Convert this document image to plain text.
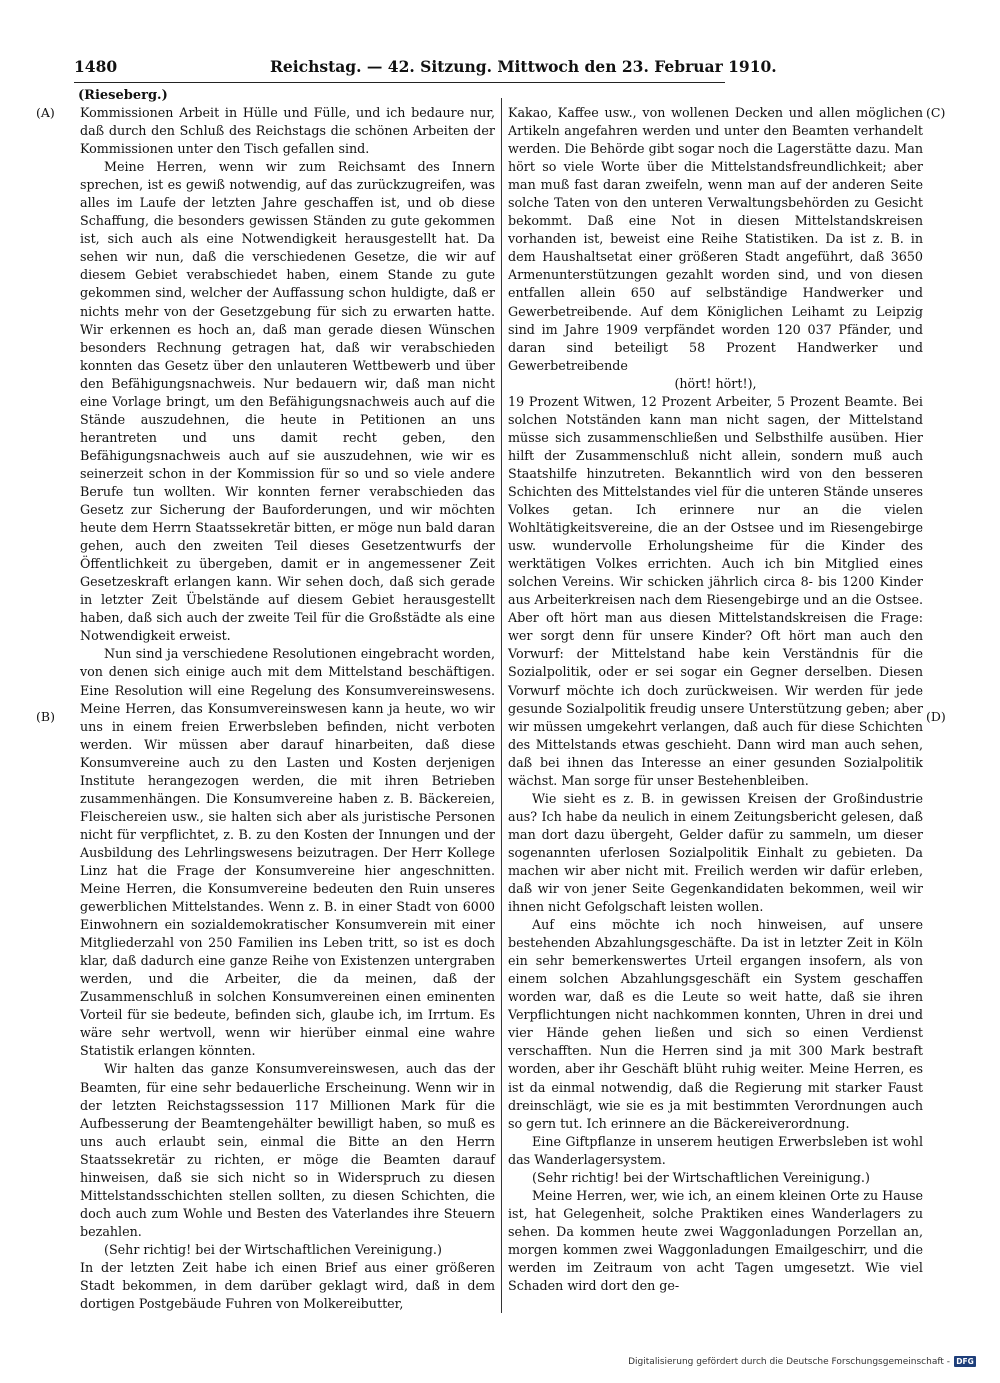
1480	Reichstag. — 42. Sitzung. Mittwoch den 23. Februar 1910.
(Rieseberg.)
(A)
(B)
(C)
(D)

Kommissionen Arbeit in Hülle und Fülle, und ich bedaure nur, daß durch den Schluß des Reichstags die schönen Arbeiten der Kommissionen unter den Tisch gefallen sind.

Meine Herren, wenn wir zum Reichsamt des Innern sprechen, ist es gewiß notwendig, auf das zurückzugreifen, was alles im Laufe der letzten Jahre geschaffen ist, und ob diese Schaffung, die besonders gewissen Ständen zu gute gekommen ist, sich auch als eine Notwendigkeit herausgestellt hat. Da sehen wir nun, daß die verschiedenen Gesetze, die wir auf diesem Gebiet verabschiedet haben, einem Stande zu gute gekommen sind, welcher der Auffassung schon huldigte, daß er nichts mehr von der Gesetzgebung für sich zu erwarten hatte. Wir erkennen es hoch an, daß man gerade diesen Wünschen besonders Rechnung getragen hat, daß wir verabschieden konnten das Gesetz über den unlauteren Wettbewerb und über den Befähigungsnachweis. Nur bedauern wir, daß man nicht eine Vorlage bringt, um den Befähigungsnachweis auch auf die Stände auszudehnen, die heute in Petitionen an uns herantreten und uns damit recht geben, den Befähigungsnachweis auch auf sie auszudehnen, wie wir es seinerzeit schon in der Kommission für so und so viele andere Berufe tun wollten. Wir konnten ferner verabschieden das Gesetz zur Sicherung der Bauforderungen, und wir möchten heute dem Herrn Staatssekretär bitten, er möge nun bald daran gehen, auch den zweiten Teil dieses Gesetzentwurfs der Öffentlichkeit zu übergeben, damit er in angemessener Zeit Gesetzeskraft erlangen kann. Wir sehen doch, daß sich gerade in letzter Zeit Übelstände auf diesem Gebiet herausgestellt haben, daß sich auch der zweite Teil für die Großstädte als eine Notwendigkeit erweist.

Nun sind ja verschiedene Resolutionen eingebracht worden, von denen sich einige auch mit dem Mittelstand beschäftigen. Eine Resolution will eine Regelung des Konsumvereinswesens. Meine Herren, das Konsumvereinswesen kann ja heute, wo wir uns in einem freien Erwerbsleben befinden, nicht verboten werden. Wir müssen aber darauf hinarbeiten, daß diese Konsumvereine auch zu den Lasten und Kosten derjenigen Institute herangezogen werden, die mit ihren Betrieben zusammenhängen. Die Konsumvereine haben z. B. Bäckereien, Fleischereien usw., sie halten sich aber als juristische Personen nicht für verpflichtet, z. B. zu den Kosten der Innungen und der Ausbildung des Lehrlingswesens beizutragen. Der Herr Kollege Linz hat die Frage der Konsumvereine hier angeschnitten. Meine Herren, die Konsumvereine bedeuten den Ruin unseres gewerblichen Mittelstandes. Wenn z. B. in einer Stadt von 6000 Einwohnern ein sozialdemokratischer Konsumverein mit einer Mitgliederzahl von 250 Familien ins Leben tritt, so ist es doch klar, daß dadurch eine ganze Reihe von Existenzen untergraben werden, und die Arbeiter, die da meinen, daß der Zusammenschluß in solchen Konsumvereinen einen eminenten Vorteil für sie bedeute, befinden sich, glaube ich, im Irrtum. Es wäre sehr wertvoll, wenn wir hierüber einmal eine wahre Statistik erlangen könnten.

Wir halten das ganze Konsumvereinswesen, auch das der Beamten, für eine sehr bedauerliche Erscheinung. Wenn wir in der letzten Reichstagssession 117 Millionen Mark für die Aufbesserung der Beamtengehälter bewilligt haben, so muß es uns auch erlaubt sein, einmal die Bitte an den Herrn Staatssekretär zu richten, er möge die Beamten darauf hinweisen, daß sie sich nicht so in Widerspruch zu diesen Mittelstandsschichten stellen sollten, zu diesen Schichten, die doch auch zum Wohle und Besten des Vaterlandes ihre Steuern bezahlen.

(Sehr richtig! bei der Wirtschaftlichen Vereinigung.)

In der letzten Zeit habe ich einen Brief aus einer größeren Stadt bekommen, in dem darüber geklagt wird, daß in dem dortigen Postgebäude Fuhren von Molkereibutter,

Kakao, Kaffee usw., von wollenen Decken und allen möglichen Artikeln angefahren werden und unter den Beamten verhandelt werden. Die Behörde gibt sogar noch die Lagerstätte dazu. Man hört so viele Worte über die Mittelstandsfreundlichkeit; aber man muß fast daran zweifeln, wenn man auf der anderen Seite solche Taten von den unteren Verwaltungsbehörden zu Gesicht bekommt. Daß eine Not in diesen Mittelstandskreisen vorhanden ist, beweist eine Reihe Statistiken. Da ist z. B. in dem Haushaltsetat einer größeren Stadt angeführt, daß 3650 Armenunterstützungen gezahlt worden sind, und von diesen entfallen allein 650 auf selbständige Handwerker und Gewerbetreibende. Auf dem Königlichen Leihamt zu Leipzig sind im Jahre 1909 verpfändet worden 120 037 Pfänder, und daran sind beteiligt 58 Prozent Handwerker und Gewerbetreibende

(hört! hört!),

19 Prozent Witwen, 12 Prozent Arbeiter, 5 Prozent Beamte. Bei solchen Notständen kann man nicht sagen, der Mittelstand müsse sich zusammenschließen und Selbsthilfe ausüben. Hier hilft der Zusammenschluß nicht allein, sondern muß auch Staatshilfe hinzutreten. Bekanntlich wird von den besseren Schichten des Mittelstandes viel für die unteren Stände unseres Volkes getan. Ich erinnere nur an die vielen Wohltätigkeitsvereine, die an der Ostsee und im Riesengebirge usw. wundervolle Erholungsheime für die Kinder des werktätigen Volkes errichten. Auch ich bin Mitglied eines solchen Vereins. Wir schicken jährlich circa 8- bis 1200 Kinder aus Arbeiterkreisen nach dem Riesengebirge und an die Ostsee. Aber oft hört man aus diesen Mittelstandskreisen die Frage: wer sorgt denn für unsere Kinder? Oft hört man auch den Vorwurf: der Mittelstand habe kein Verständnis für die Sozialpolitik, oder er sei sogar ein Gegner derselben. Diesen Vorwurf möchte ich doch zurückweisen. Wir werden für jede gesunde Sozialpolitik freudig unsere Unterstützung geben; aber wir müssen umgekehrt verlangen, daß auch für diese Schichten des Mittelstands etwas geschieht. Dann wird man auch sehen, daß bei ihnen das Interesse an einer gesunden Sozialpolitik wächst. Man sorge für unser Bestehenbleiben.

Wie sieht es z. B. in gewissen Kreisen der Großindustrie aus? Ich habe da neulich in einem Zeitungsbericht gelesen, daß man dort dazu übergeht, Gelder dafür zu sammeln, um dieser sogenannten uferlosen Sozialpolitik Einhalt zu gebieten. Da machen wir aber nicht mit. Freilich werden wir dafür erleben, daß wir von jener Seite Gegenkandidaten bekommen, weil wir ihnen nicht Gefolgschaft leisten wollen.

Auf eins möchte ich noch hinweisen, auf unsere bestehenden Abzahlungsgeschäfte. Da ist in letzter Zeit in Köln ein sehr bemerkenswertes Urteil ergangen insofern, als von einem solchen Abzahlungsgeschäft ein System geschaffen worden war, daß es die Leute so weit hatte, daß sie ihren Verpflichtungen nicht nachkommen konnten, Uhren in drei und vier Hände gehen ließen und sich so einen Verdienst verschafften. Nun die Herren sind ja mit 300 Mark bestraft worden, aber ihr Geschäft blüht ruhig weiter. Meine Herren, es ist da einmal notwendig, daß die Regierung mit starker Faust dreinschlägt, wie sie es ja mit bestimmten Verordnungen auch so gern tut. Ich erinnere an die Bäckereiverordnung.

Eine Giftpflanze in unserem heutigen Erwerbsleben ist wohl das Wanderlagersystem.

(Sehr richtig! bei der Wirtschaftlichen Vereinigung.)

Meine Herren, wer, wie ich, an einem kleinen Orte zu Hause ist, hat Gelegenheit, solche Praktiken eines Wanderlagers zu sehen. Da kommen heute zwei Waggonladungen Porzellan an, morgen kommen zwei Waggonladungen Emailgeschirr, und die werden im Zeitraum von acht Tagen umgesetzt. Wie viel Schaden wird dort den ge-

Digitalisierung gefördert durch die Deutsche Forschungsgemeinschaft - DFG
